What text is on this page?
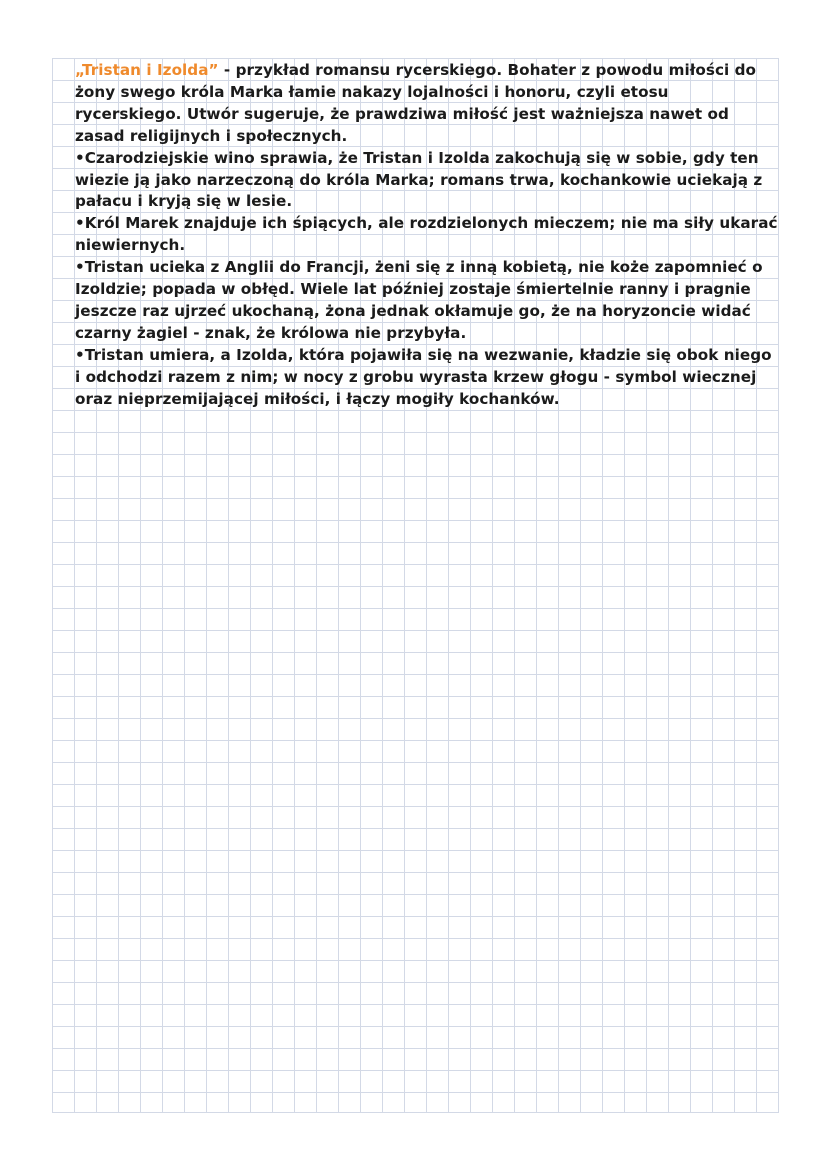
„Tristan i Izolda” - przykład romansu rycerskiego. Bohater z powodu miłości do żony swego króla Marka łamie nakazy lojalności i honoru, czyli etosu rycerskiego. Utwór sugeruje, że prawdziwa miłość jest ważniejsza nawet od zasad religijnych i społecznych.

•Czarodziejskie wino sprawia, że Tristan i Izolda zakochują się w sobie, gdy ten wiezie ją jako narzeczoną do króla Marka; romans trwa, kochankowie uciekają z pałacu i kryją się w lesie.

•Król Marek znajduje ich śpiących, ale rozdzielonych mieczem; nie ma siły ukarać niewiernych.

•Tristan ucieka z Anglii do Francji, żeni się z inną kobietą, nie koże zapomnieć o Izoldzie; popada w obłęd. Wiele lat później zostaje śmiertelnie ranny i pragnie jeszcze raz ujrzeć ukochaną, żona jednak okłamuje go, że na horyzoncie widać czarny żagiel - znak, że królowa nie przybyła.

•Tristan umiera, a Izolda, która pojawiła się na wezwanie, kładzie się obok niego i odchodzi razem z nim; w nocy z grobu wyrasta krzew głogu - symbol wiecznej oraz nieprzemijającej miłości, i łączy mogiły kochanków.
